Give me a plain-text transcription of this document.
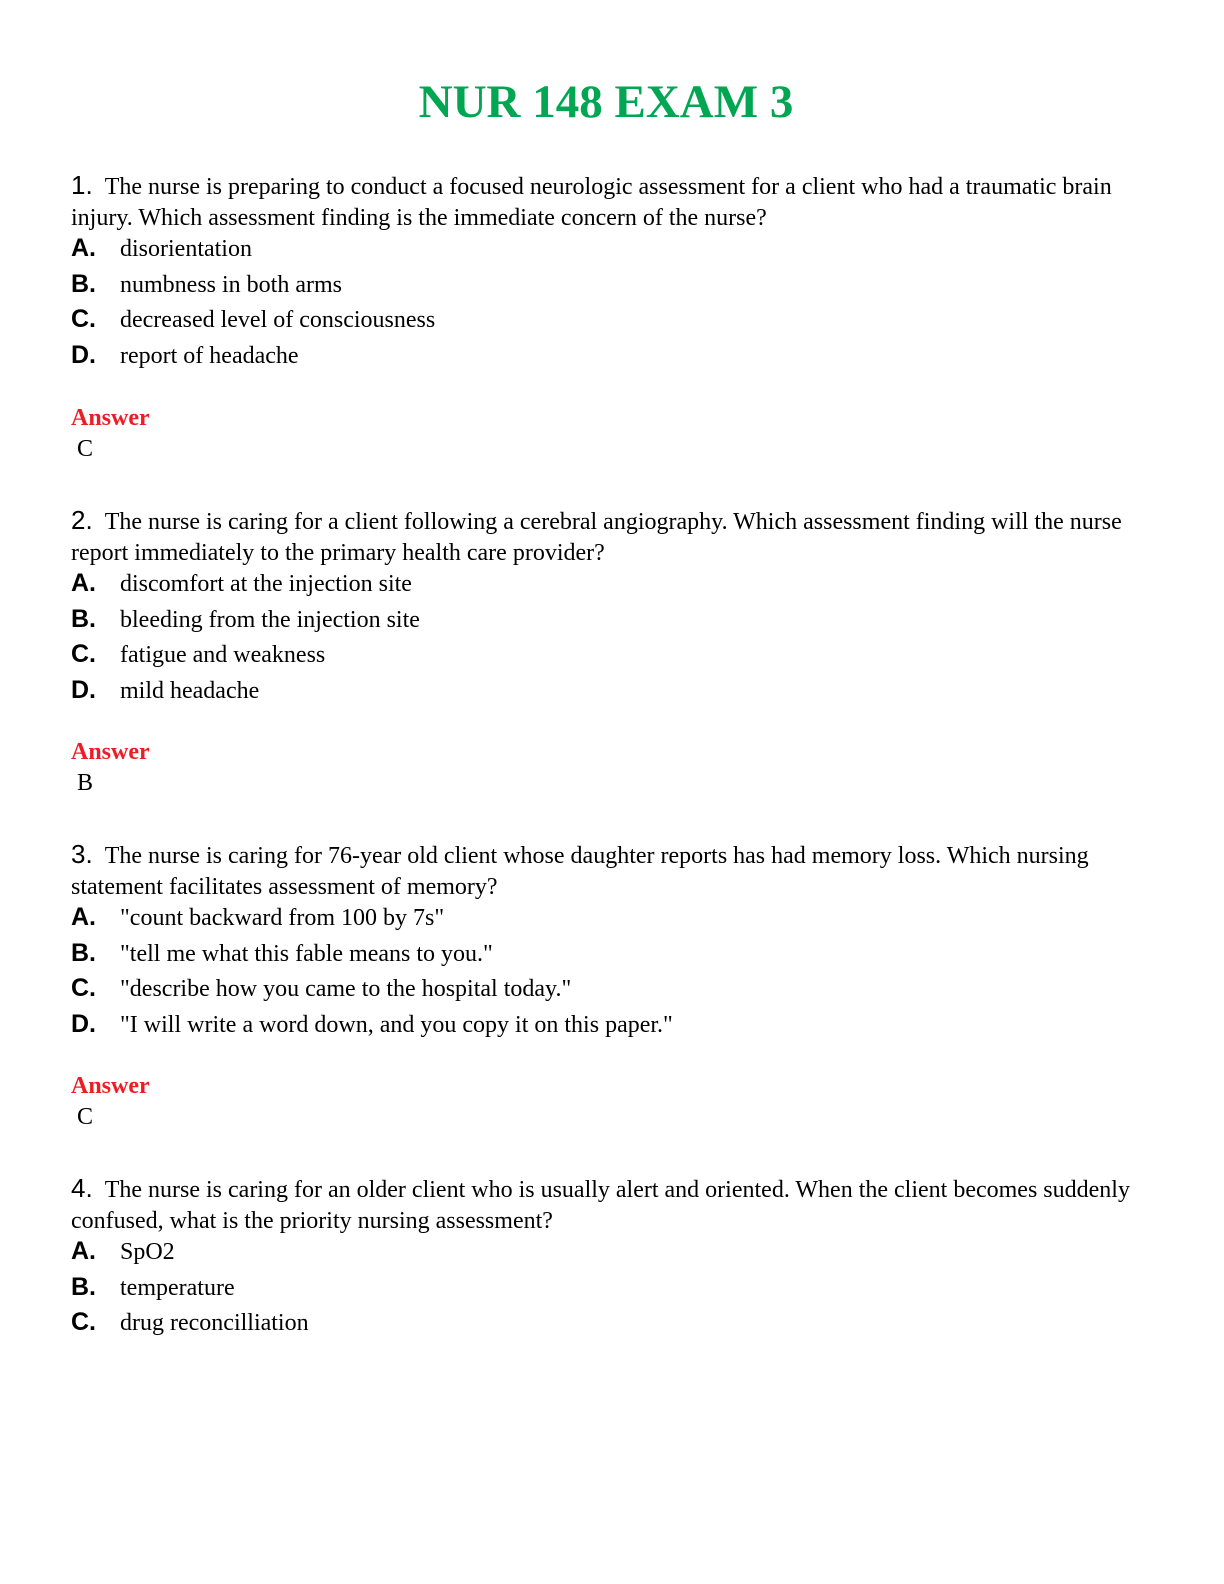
NUR 148 EXAM 3

1. The nurse is preparing to conduct a focused neurologic assessment for a client who had a traumatic brain injury. Which assessment finding is the immediate concern of the nurse?

A.	disorientation
B.	numbness in both arms
C.	decreased level of consciousness
D.	report of headache
Answer
C

2. The nurse is caring for a client following a cerebral angiography. Which assessment finding will the nurse report immediately to the primary health care provider?

A.	discomfort at the injection site
B.	bleeding from the injection site
C.	fatigue and weakness
D.	mild headache
Answer
B

3. The nurse is caring for 76-year old client whose daughter reports has had memory loss. Which nursing statement facilitates assessment of memory?

A.	"count backward from 100 by 7s"
B.	"tell me what this fable means to you."
C.	"describe how you came to the hospital today."
D.	"I will write a word down, and you copy it on this paper."
Answer
C

4. The nurse is caring for an older client who is usually alert and oriented. When the client becomes suddenly confused, what is the priority nursing assessment?

A.	SpO2
B.	temperature
C.	drug reconcilliation
